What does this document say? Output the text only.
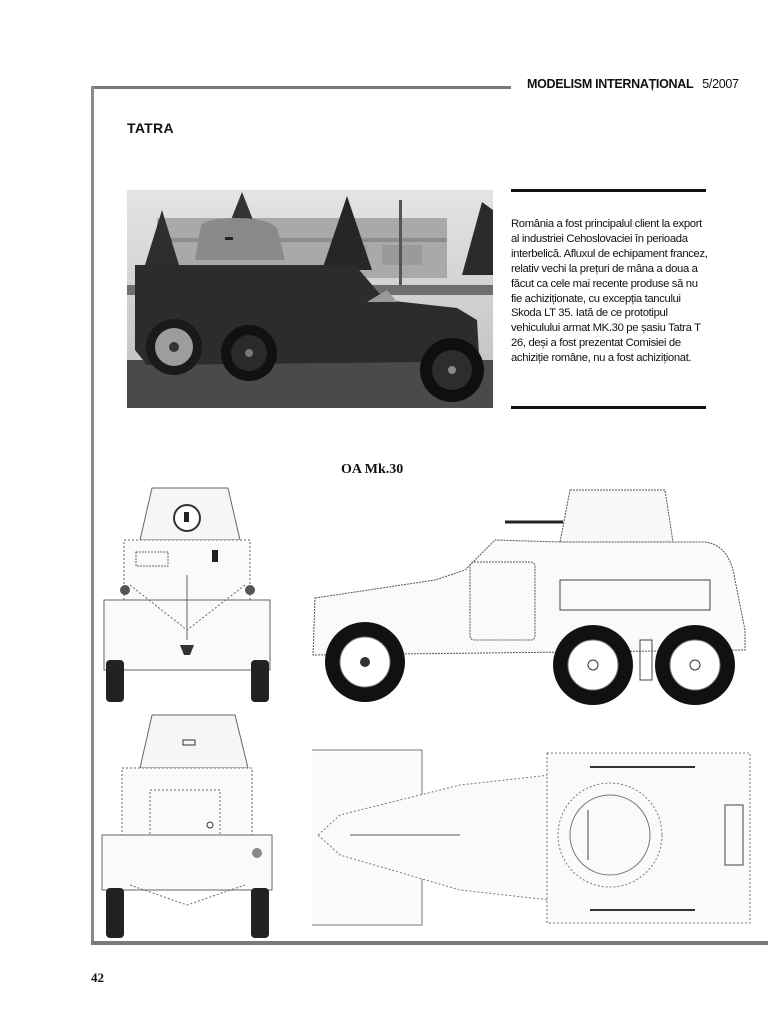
MODELISM INTERNAȚIONAL 5/2007
TATRA

România a fost principalul client la export al industriei Cehoslovaciei în perioada interbelică. Afluxul de echipament francez, relativ vechi la prețuri de mâna a doua a făcut ca cele mai recente produse să nu fie achiziționate, cu excepția tancului Skoda LT 35. Iată de ce prototipul vehiculului armat MK.30 pe șasiu Tatra T 26, deși a fost prezentat Comisiei de achiziție române, nu a fost achiziționat.

OA Mk.30
42
